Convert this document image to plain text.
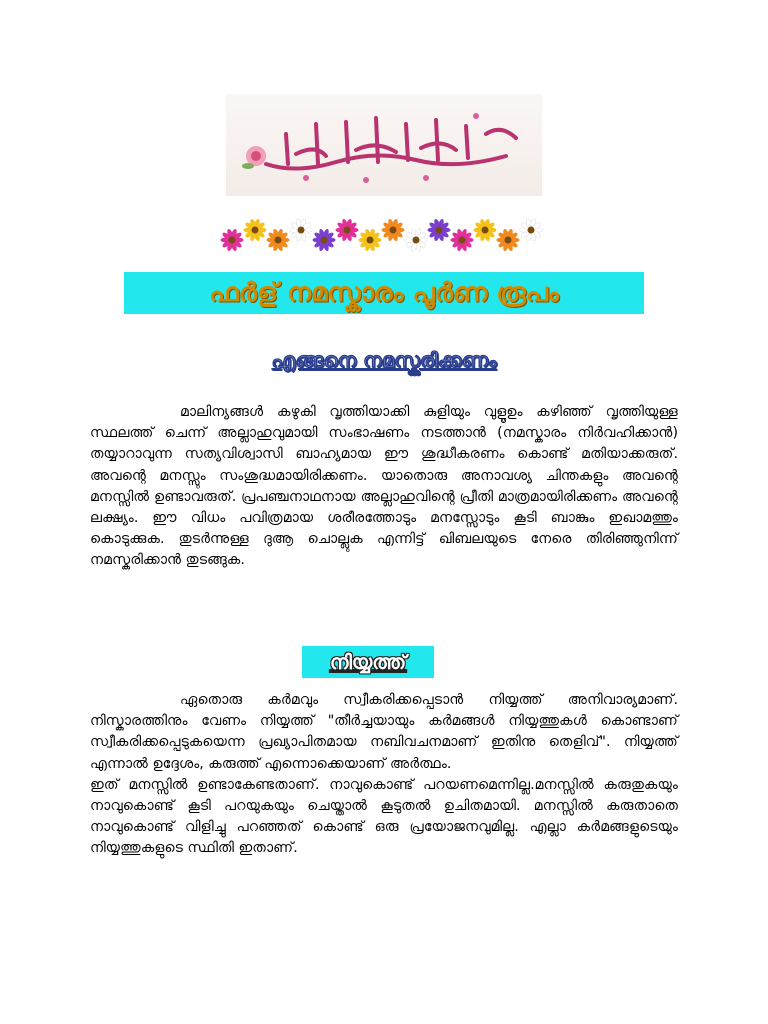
ഫർള് നമസ്കാരം പൂർണ രൂപം
എങ്ങനെ നമസ്കരിക്കണം

മാലിന്യങ്ങൾ കഴുകി വൃത്തിയാക്കി കുളിയും വുളൂഉം കഴിഞ്ഞ് വൃത്തിയുള്ള സ്ഥലത്ത് ചെന്ന് അല്ലാഹുവുമായി സംഭാഷണം നടത്താൻ (നമസ്കാരം നിർവഹിക്കാൻ) തയ്യാറാവുന്ന സത്യവിശ്വാസി ബാഹ്യമായ ഈ ശുദ്ധീകരണം കൊണ്ട് മതിയാക്കരുത്. അവന്റെ മനസ്സും സംശുദ്ധമായിരിക്കണം. യാതൊരു അനാവശ്യ ചിന്തകളും അവന്റെ മനസ്സിൽ ഉണ്ടാവരുത്. പ്രപഞ്ചനാഥനായ അല്ലാഹുവിന്റെ പ്രീതി മാത്രമായിരിക്കണം അവന്റെ ലക്ഷ്യം. ഈ വിധം പവിത്രമായ ശരീരത്തോടും മനസ്സോടും കൂടി ബാങ്കും ഇഖാമത്തും കൊടുക്കുക. തുടർന്നുള്ള ദുആ ചൊല്ലുക എന്നിട്ട് ഖിബലയുടെ നേരെ തിരിഞ്ഞുനിന്ന് നമസ്കരിക്കാൻ തുടങ്ങുക.

നിയ്യത്ത്

ഏതൊരു കർമവും സ്വീകരിക്കപ്പെടാൻ നിയ്യത്ത് അനിവാര്യമാണ്. നിസ്കാരത്തിനും വേണം നിയ്യത്ത് "തീർച്ചയായും കർമങ്ങൾ നിയ്യത്തുകൾ കൊണ്ടാണ് സ്വീകരിക്കപ്പെടുകയെന്ന പ്രഖ്യാപിതമായ നബിവചനമാണ് ഇതിനു തെളിവ്". നിയ്യത്ത് എന്നാൽ ഉദ്ദേശം, കരുത്ത് എന്നൊക്കെയാണ് അർത്ഥം.

ഇത് മനസ്സിൽ ഉണ്ടാകേണ്ടതാണ്. നാവുകൊണ്ട് പറയണമെന്നില്ല.മനസ്സിൽ കരുതുകയും നാവുകൊണ്ട് കൂടി പറയുകയും ചെയ്താൽ കൂടുതൽ ഉചിതമായി. മനസ്സിൽ കരുതാതെ നാവുകൊണ്ട് വിളിച്ചു പറഞ്ഞത് കൊണ്ട് ഒരു പ്രയോജനവുമില്ല. എല്ലാ കർമങ്ങളുടെയും നിയ്യത്തുകളുടെ സ്ഥിതി ഇതാണ്.
